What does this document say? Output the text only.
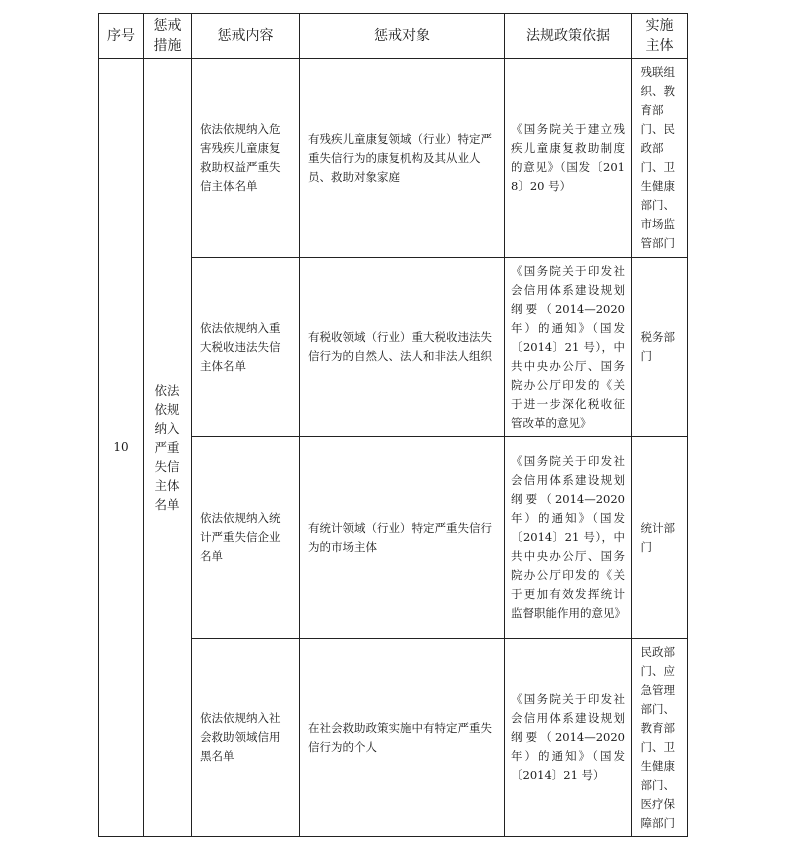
序号	惩戒措施	惩戒内容	惩戒对象	法规政策依据	实施主体

10	依法依规纳入严重失信主体名单	依法依规纳入危害残疾儿童康复救助权益严重失信主体名单	有残疾儿童康复领域（行业）特定严重失信行为的康复机构及其从业人员、救助对象家庭	《国务院关于建立残疾儿童康复救助制度的意见》（国发〔2018〕20 号）	残联组织、教育部门、民政部门、卫生健康部门、市场监管部门

		依法依规纳入重大税收违法失信主体名单	有税收领域（行业）重大税收违法失信行为的自然人、法人和非法人组织	《国务院关于印发社会信用体系建设规划纲要（2014—2020年）的通知》（国发〔2014〕21 号），中共中央办公厅、国务院办公厅印发的《关于进一步深化税收征管改革的意见》	税务部门

		依法依规纳入统计严重失信企业名单	有统计领域（行业）特定严重失信行为的市场主体	《国务院关于印发社会信用体系建设规划纲要（2014—2020年）的通知》（国发〔2014〕21 号），中共中央办公厅、国务院办公厅印发的《关于更加有效发挥统计监督职能作用的意见》	统计部门

		依法依规纳入社会救助领域信用黑名单	在社会救助政策实施中有特定严重失信行为的个人	《国务院关于印发社会信用体系建设规划纲要（2014—2020年）的通知》（国发〔2014〕21 号）	民政部门、应急管理部门、教育部门、卫生健康部门、医疗保障部门
